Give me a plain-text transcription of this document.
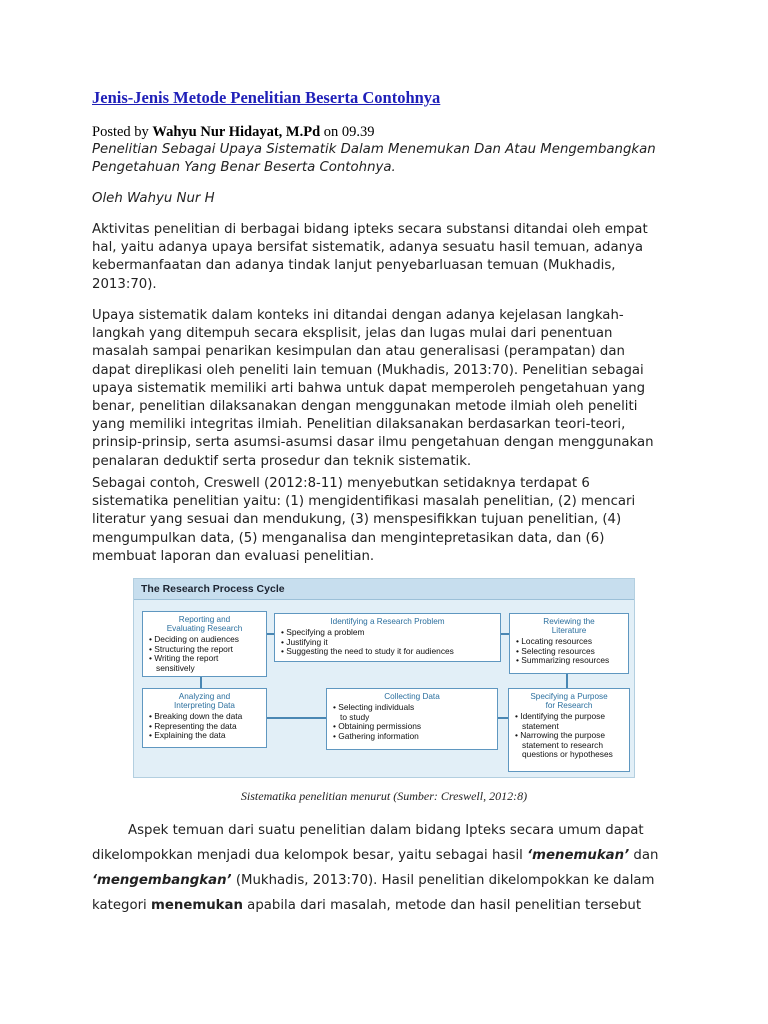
Jenis-Jenis Metode Penelitian Beserta Contohnya
Posted by Wahyu Nur Hidayat, M.Pd on 09.39
Penelitian Sebagai Upaya Sistematik Dalam Menemukan Dan Atau Mengembangkan
Pengetahuan Yang Benar Beserta Contohnya.
Oleh Wahyu Nur H
Aktivitas penelitian di berbagai bidang ipteks secara substansi ditandai oleh empat
hal, yaitu adanya upaya bersifat sistematik, adanya sesuatu hasil temuan, adanya
kebermanfaatan dan adanya tindak lanjut penyebarluasan temuan (Mukhadis,
2013:70).
Upaya sistematik dalam konteks ini ditandai dengan adanya kejelasan langkah-
langkah yang ditempuh secara eksplisit, jelas dan lugas mulai dari penentuan
masalah sampai penarikan kesimpulan dan atau generalisasi (perampatan) dan
dapat direplikasi oleh peneliti lain temuan (Mukhadis, 2013:70). Penelitian sebagai
upaya sistematik memiliki arti bahwa untuk dapat memperoleh pengetahuan yang
benar, penelitian dilaksanakan dengan menggunakan metode ilmiah oleh peneliti
yang memiliki integritas ilmiah. Penelitian dilaksanakan berdasarkan teori-teori,
prinsip-prinsip, serta asumsi-asumsi dasar ilmu pengetahuan dengan menggunakan
penalaran deduktif serta prosedur dan teknik sistematik.
Sebagai contoh, Creswell (2012:8-11) menyebutkan setidaknya terdapat 6
sistematika penelitian yaitu: (1) mengidentifikasi masalah penelitian, (2) mencari
literatur yang sesuai dan mendukung, (3) menspesifikkan tujuan penelitian, (4)
mengumpulkan data, (5) menganalisa dan mengintepretasikan data, dan (6)
membuat laporan dan evaluasi penelitian.
The Research Process Cycle
Reporting and
Evaluating Research
• Deciding on audiences
• Structuring the report
• Writing the report
sensitively
Identifying a Research Problem
• Specifying a problem
• Justifying it
• Suggesting the need to study it for audiences
Reviewing the
Literature
• Locating resources
• Selecting resources
• Summarizing resources
Analyzing and
Interpreting Data
• Breaking down the data
• Representing the data
• Explaining the data
Collecting Data
• Selecting individuals
to study
• Obtaining permissions
• Gathering information
Specifying a Purpose
for Research
• Identifying the purpose
statement
• Narrowing the purpose
statement to research
questions or hypotheses
Sistematika penelitian menurut (Sumber: Creswell, 2012:8)
Aspek temuan dari suatu penelitian dalam bidang Ipteks secara umum dapat
dikelompokkan menjadi dua kelompok besar, yaitu sebagai hasil ‘menemukan’ dan
‘mengembangkan’ (Mukhadis, 2013:70). Hasil penelitian dikelompokkan ke dalam
kategori menemukan apabila dari masalah, metode dan hasil penelitian tersebut
